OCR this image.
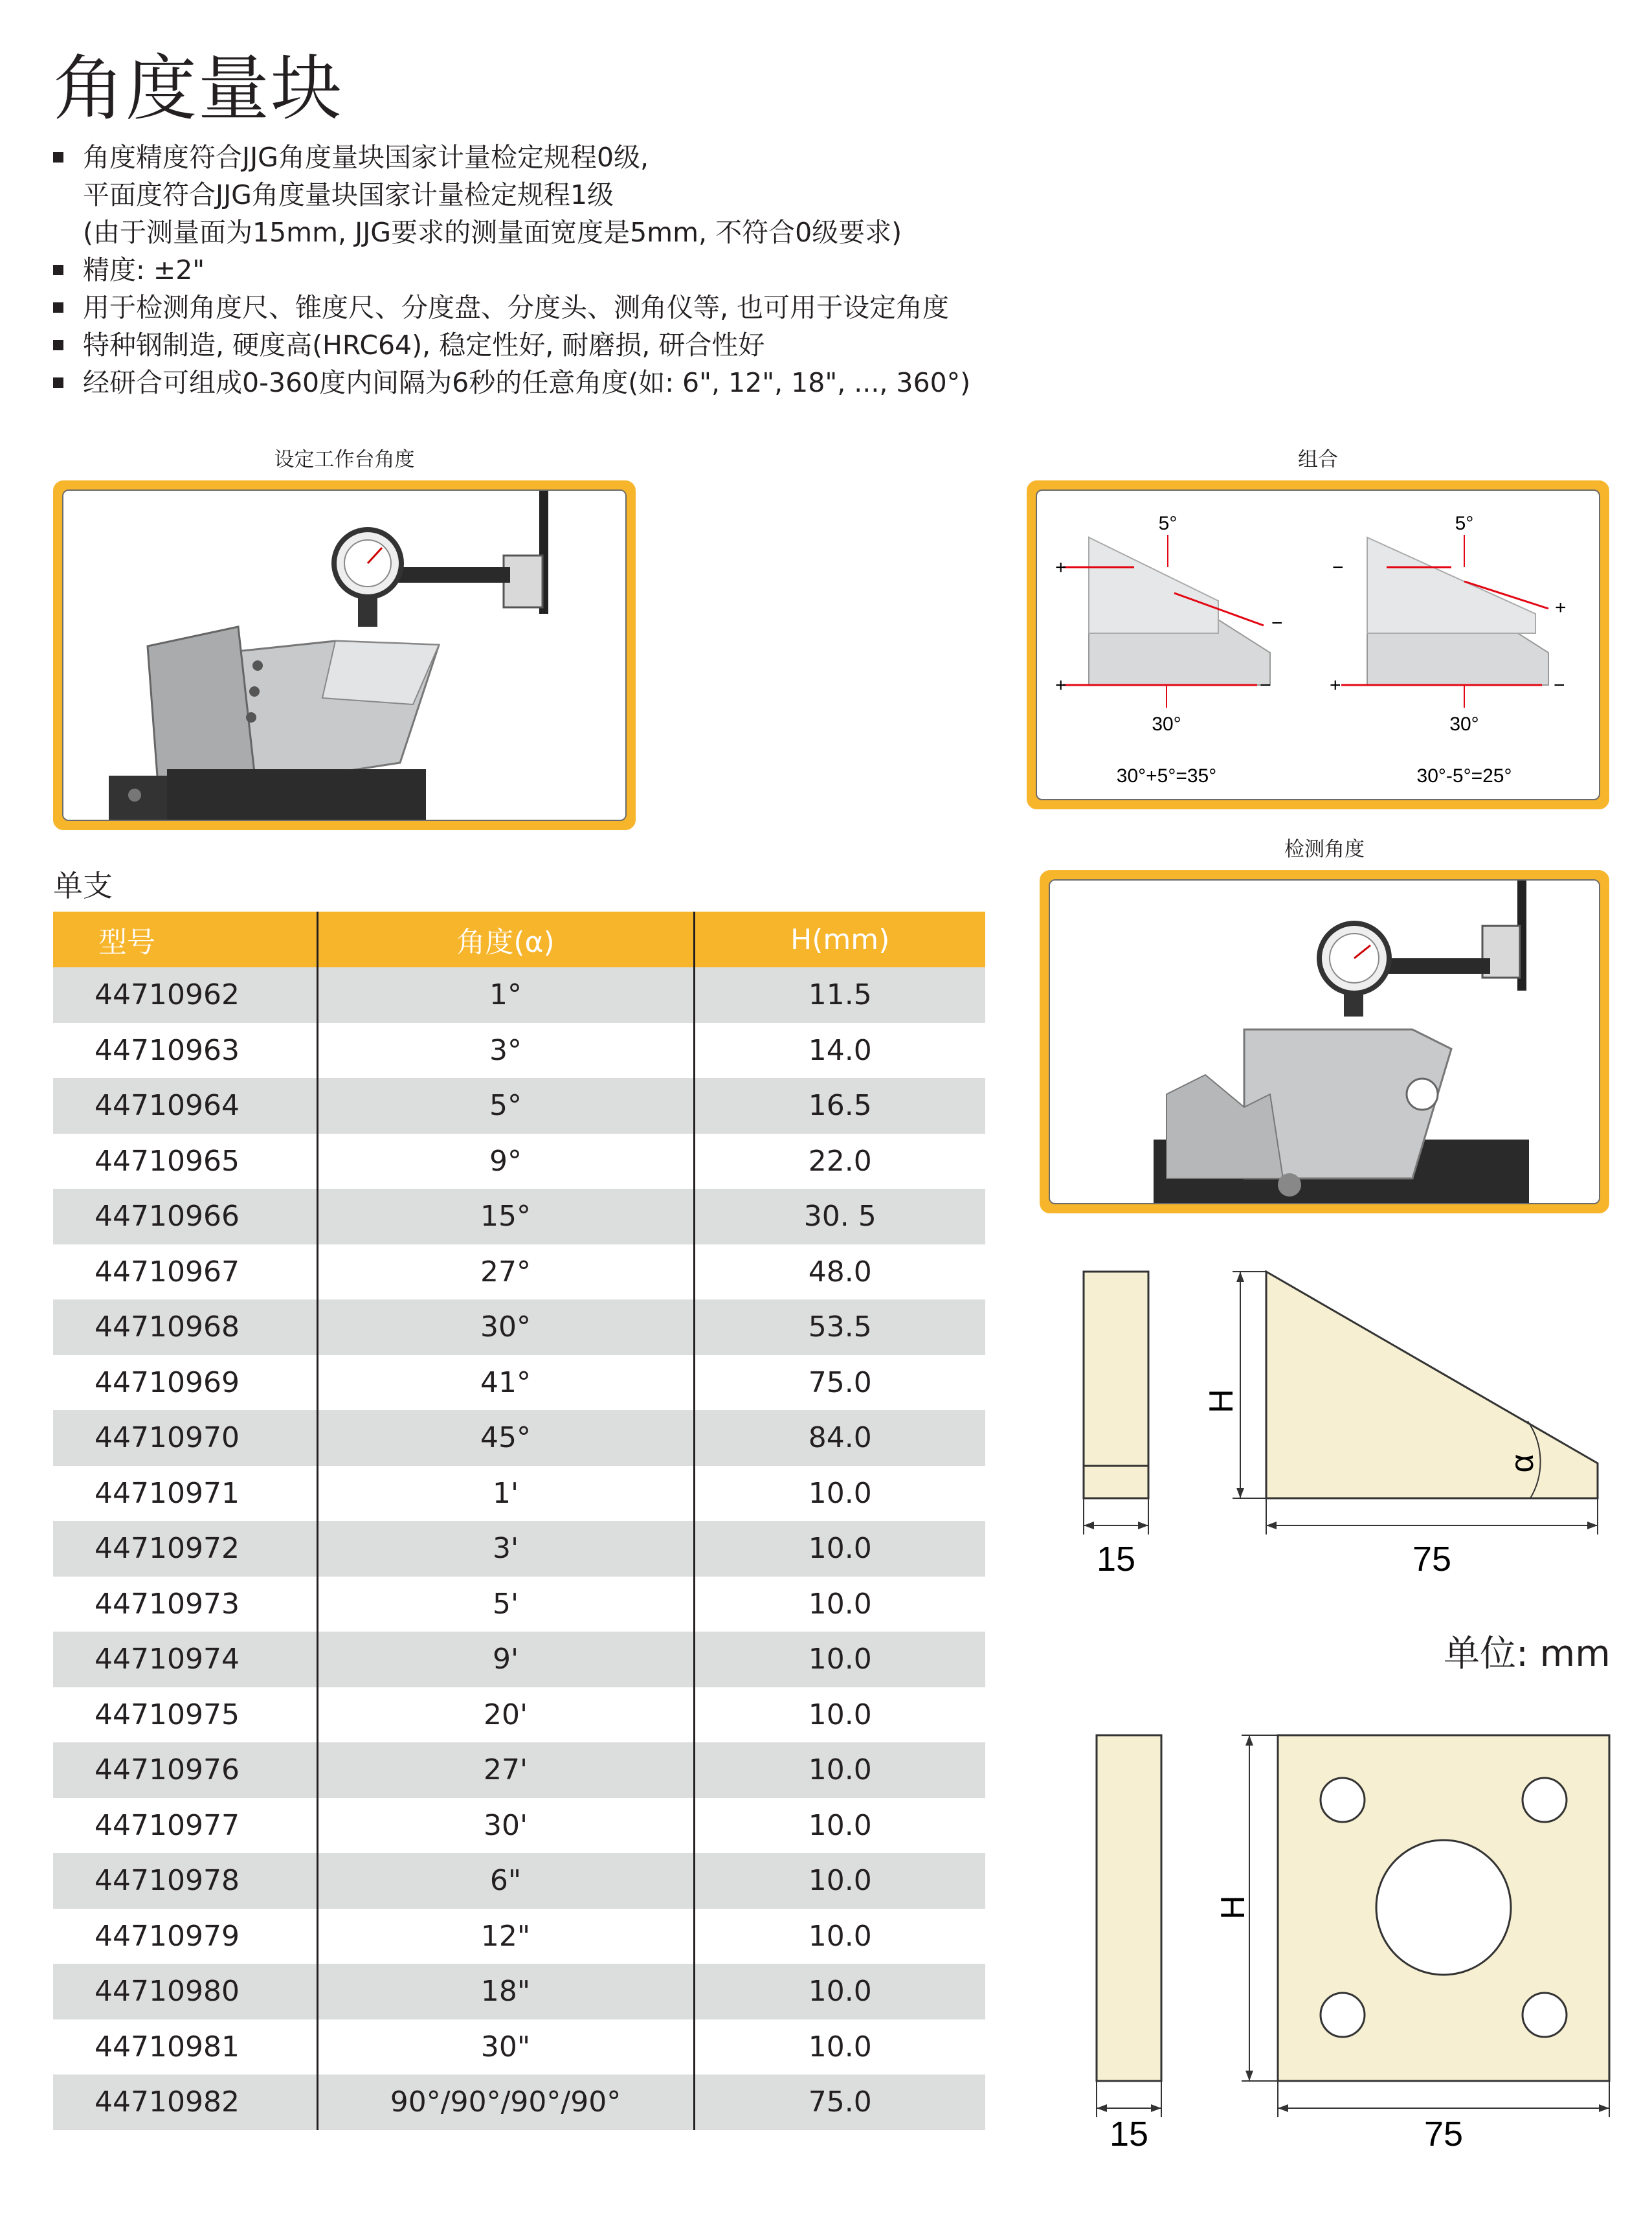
角度量块
角度精度符合JJG角度量块国家计量检定规程0级,
平面度符合JJG角度量块国家计量检定规程1级
(由于测量面为15mm, JJG要求的测量面宽度是5mm, 不符合0级要求)
精度: ±2"
用于检测角度尺、锥度尺、分度盘、分度头、测角仪等, 也可用于设定角度
特种钢制造, 硬度高(HRC64), 稳定性好, 耐磨损, 研合性好
经研合可组成0-360度内间隔为6秒的任意角度(如: 6", 12", 18", ..., 360°)
设定工作台角度	组合
5°
30°
+
−
+	−
30°+5°=35°
5°
30°
−
+
+	−
30°-5°=25°
检测角度
单支
型号	角度(α)	H(mm)
44710962	1°	11.5
44710963	3°	14.0
44710964	5°	16.5
44710965	9°	22.0
44710966	15°	30. 5
44710967	27°	48.0
44710968	30°	53.5
44710969	41°	75.0
44710970	45°	84.0
44710971	1'	10.0
44710972	3'	10.0
44710973	5'	10.0
44710974	9'	10.0
44710975	20'	10.0
44710976	27'	10.0
44710977	30'	10.0
44710978	6"	10.0
44710979	12"	10.0
44710980	18"	10.0
44710981	30"	10.0
44710982	90°/90°/90°/90°	75.0
H
α
15	75
单位: mm
H
15	75
